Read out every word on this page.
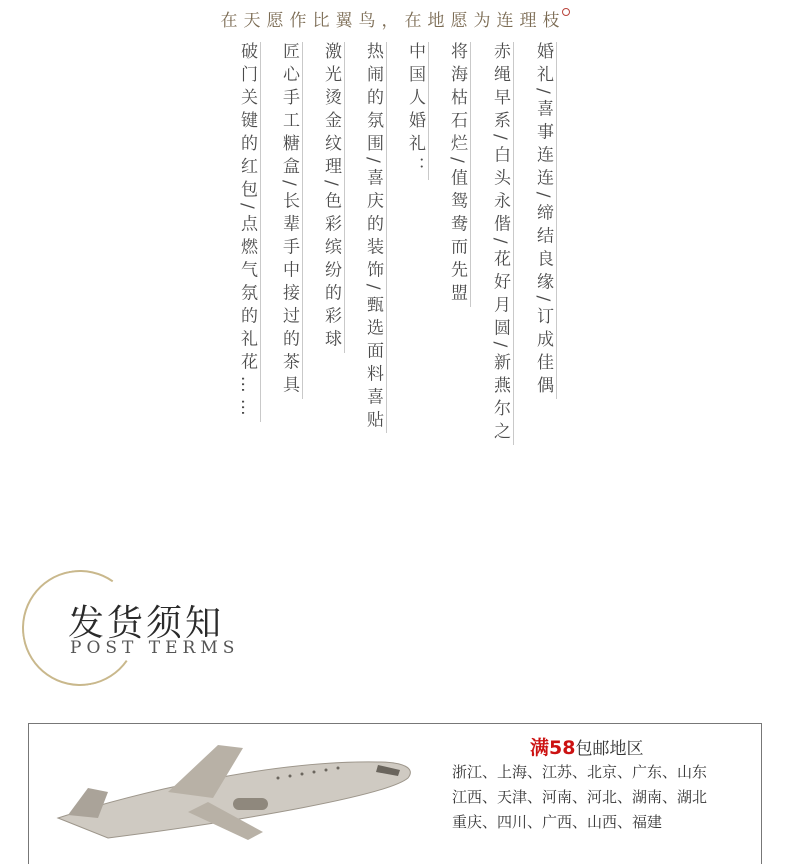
在天愿作比翼鸟，在地愿为连理枝
婚礼/喜事连连/缔结良缘/订成佳偶
赤绳早系/白头永偕/花好月圆/新燕尔之
将海枯石烂/值鸳鸯而先盟
中国人婚礼：
热闹的氛围/喜庆的装饰/甄选面料喜贴
激光烫金纹理/色彩缤纷的彩球
匠心手工糖盒/长辈手中接过的茶具
破门关键的红包/点燃气氛的礼花……
发货须知
POST TERMS
满58包邮地区
浙江、上海、江苏、北京、广东、山东
江西、天津、河南、河北、湖南、湖北
重庆、四川、广西、山西、福建
